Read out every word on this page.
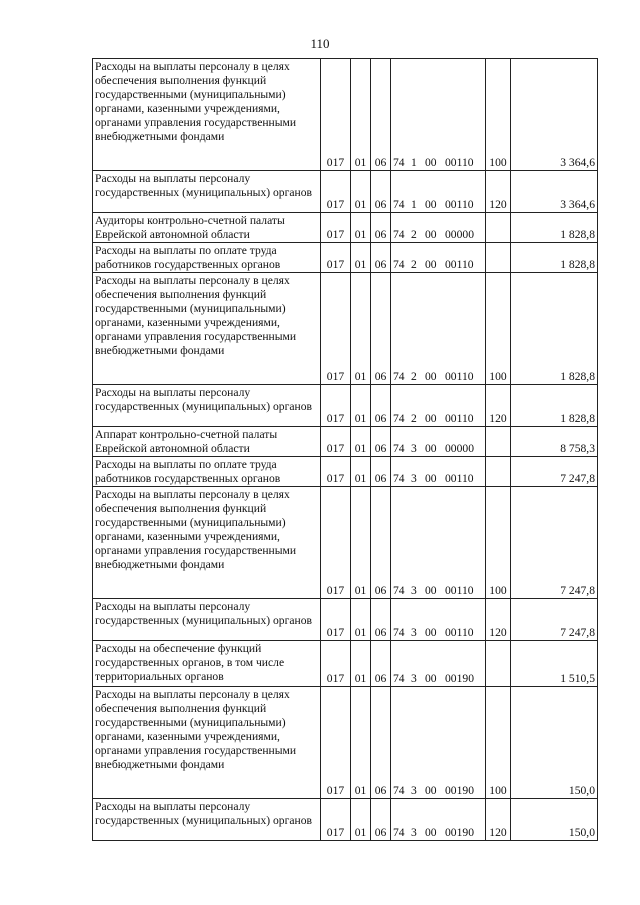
110
Расходы на выплаты персоналу в целях обеспечения выполнения функций государственными (муниципальными) органами, казенными учреждениями, органами управления государственными внебюджетными фондами	017	01	06	74 1 00 00110	100	3 364,6
Расходы на выплаты персоналу государственных (муниципальных) органов	017	01	06	74 1 00 00110	120	3 364,6
Аудиторы контрольно-счетной палаты Еврейской автономной области	017	01	06	74 2 00 00000		1 828,8
Расходы на выплаты по оплате труда работников государственных органов	017	01	06	74 2 00 00110		1 828,8
Расходы на выплаты персоналу в целях обеспечения выполнения функций государственными (муниципальными) органами, казенными учреждениями, органами управления государственными внебюджетными фондами	017	01	06	74 2 00 00110	100	1 828,8
Расходы на выплаты персоналу государственных (муниципальных) органов	017	01	06	74 2 00 00110	120	1 828,8
Аппарат контрольно-счетной палаты Еврейской автономной области	017	01	06	74 3 00 00000		8 758,3
Расходы на выплаты по оплате труда работников государственных органов	017	01	06	74 3 00 00110		7 247,8
Расходы на выплаты персоналу в целях обеспечения выполнения функций государственными (муниципальными) органами, казенными учреждениями, органами управления государственными внебюджетными фондами	017	01	06	74 3 00 00110	100	7 247,8
Расходы на выплаты персоналу государственных (муниципальных) органов	017	01	06	74 3 00 00110	120	7 247,8
Расходы на обеспечение функций государственных органов, в том числе территориальных органов	017	01	06	74 3 00 00190		1 510,5
Расходы на выплаты персоналу в целях обеспечения выполнения функций государственными (муниципальными) органами, казенными учреждениями, органами управления государственными внебюджетными фондами	017	01	06	74 3 00 00190	100	150,0
Расходы на выплаты персоналу государственных (муниципальных) органов	017	01	06	74 3 00 00190	120	150,0
